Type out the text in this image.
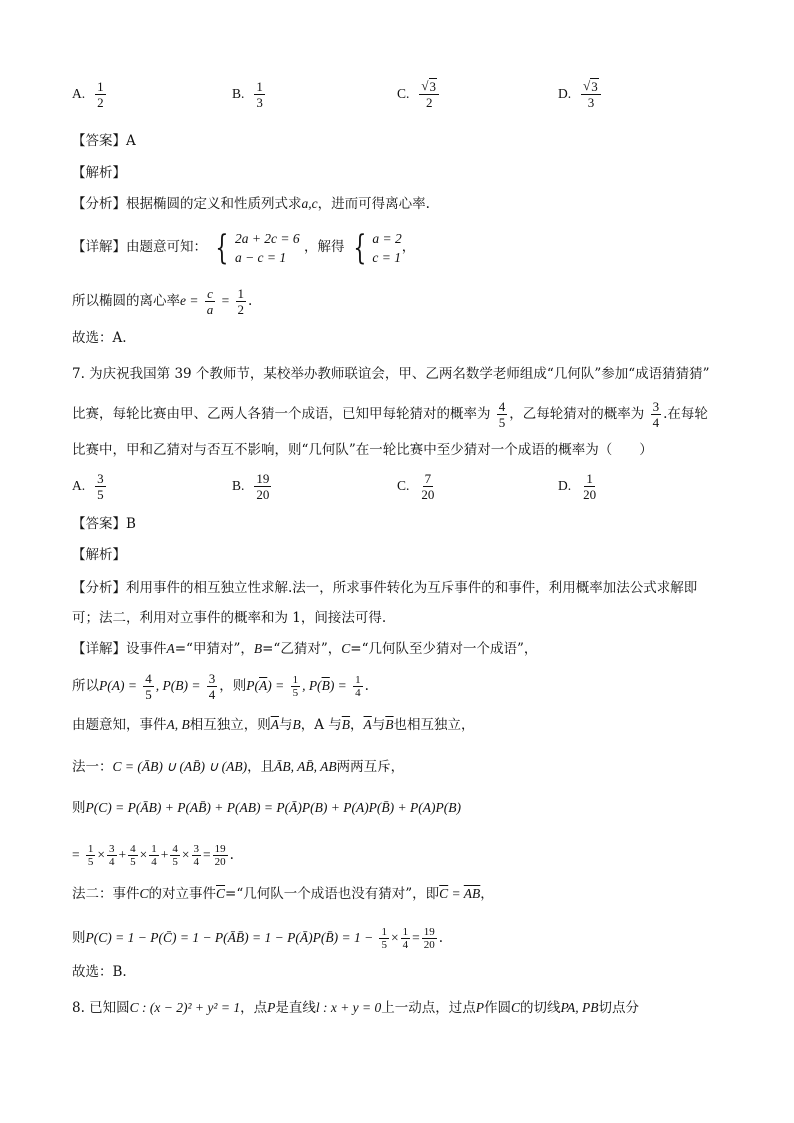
A. $\frac{1}{2}$	B. $\frac{1}{3}$	C. $\frac{√ 3}{2}$	D. $\frac{√ 3}{3}$
【答案】A
【解析】
【分析】根据椭圆的定义和性质列式求a,c，进而可得离心率.
【详解】由题意可知： { 2a + 2c = 6
a − c = 1
，解得 { a = 2
c = 1
，
所以椭圆的离心率$e = \frac{c}{a} = \frac{1}{2}$ .
故选：A.
7. 为庆祝我国第 39 个教师节，某校举办教师联谊会，甲、乙两名数学老师组成“几何队”参加“成语猜猜猜”
比赛，每轮比赛由甲、乙两人各猜一个成语，已知甲每轮猜对的概率为 $\frac{4}{5}$ ，乙每轮猜对的概率为 $\frac{3}{4}$ .在每轮
比赛中，甲和乙猜对与否互不影响，则“几何队”在一轮比赛中至少猜对一个成语的概率为（　　）
A. $\frac{3}{5}$	B. $\frac{19}{20}$	C. $\frac{7}{20}$	D. $\frac{1}{20}$
【答案】B
【解析】
【分析】利用事件的相互独立性求解.法一，所求事件转化为互斥事件的和事件，利用概率加法公式求解即
可；法二，利用对立事件的概率和为 1，间接法可得.
【详解】设事件A=“甲猜对”，B=“乙猜对”，C=“几何队至少猜对一个成语”，
所以$P(A) = \frac{4}{5}$ , $P(B) = \frac{3}{4}$ ，则$P(\overline{A}) = \frac{1}{5}$ , $P(\overline{B}) = \frac{1}{4}$ .
由题意知，事件A, B相互独立，则$\overline{A}$与B，A 与$\overline{B}$，$\overline{A}$与$\overline{B}$也相互独立，
法一：C = (ĀB) ∪ (AB̄) ∪ (AB)，且ĀB, AB̄, AB两两互斥，
则P(C) = P(ĀB) + P(AB̄) + P(AB) = P(Ā)P(B) + P(A)P(B̄) + P(A)P(B)
= $\frac{1}{5} \times \frac{3}{4} + \frac{4}{5} \times \frac{1}{4} + \frac{4}{5} \times \frac{3}{4} = \frac{19}{20}$ .
法二：事件C的对立事件$\overline{C}=“$几何队一个成语也没有猜对”，即$\overline{C}$ = AB，
则P(C) = 1 − P(C̄) = 1 − P(ĀB̄) = 1 − P(Ā)P(B̄) = $1 - \frac{1}{5} \times \frac{1}{4} = \frac{19}{20}$ .
故选：B.
8. 已知圆C : (x − 2)² + y² = 1，点P是直线l : x + y = 0上一动点，过点P作圆C的切线PA, PB切点分
